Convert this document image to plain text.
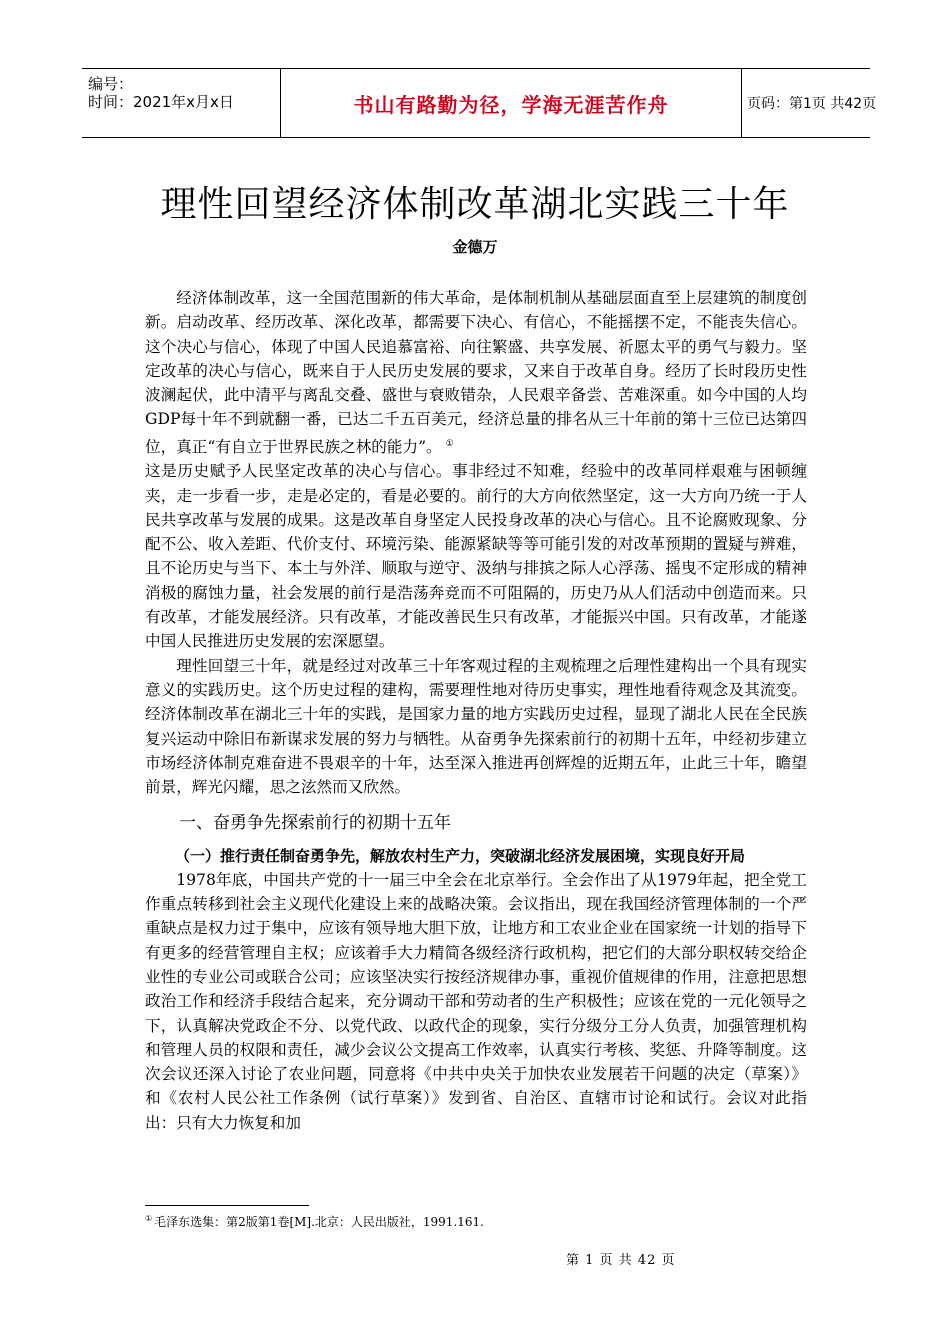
编号：
时间：2021年x月x日	书山有路勤为径，学海无涯苦作舟	页码：第1页 共42页
理性回望经济体制改革湖北实践三十年
金德万

经济体制改革，这一全国范围新的伟大革命，是体制机制从基础层面直至上层建筑的制度创新。启动改革、经历改革、深化改革，都需要下决心、有信心，不能摇摆不定，不能丧失信心。这个决心与信心，体现了中国人民追慕富裕、向往繁盛、共享发展、祈愿太平的勇气与毅力。坚定改革的决心与信心，既来自于人民历史发展的要求，又来自于改革自身。经历了长时段历史性波澜起伏，此中清平与离乱交叠、盛世与衰败错杂，人民艰辛备尝、苦难深重。如今中国的人均GDP每十年不到就翻一番，已达二千五百美元，经济总量的排名从三十年前的第十三位已达第四位，真正“有自立于世界民族之林的能力”。 ①

这是历史赋予人民坚定改革的决心与信心。事非经过不知难，经验中的改革同样艰难与困顿缠夹，走一步看一步，走是必定的，看是必要的。前行的大方向依然坚定，这一大方向乃统一于人民共享改革与发展的成果。这是改革自身坚定人民投身改革的决心与信心。且不论腐败现象、分配不公、收入差距、代价支付、环境污染、能源紧缺等等可能引发的对改革预期的置疑与辨难，且不论历史与当下、本土与外洋、顺取与逆守、汲纳与排摈之际人心浮荡、摇曳不定形成的精神消极的腐蚀力量，社会发展的前行是浩荡奔竞而不可阻隔的，历史乃从人们活动中创造而来。只有改革，才能发展经济。只有改革，才能改善民生只有改革，才能振兴中国。只有改革，才能遂中国人民推进历史发展的宏深愿望。

理性回望三十年，就是经过对改革三十年客观过程的主观梳理之后理性建构出一个具有现实意义的实践历史。这个历史过程的建构，需要理性地对待历史事实，理性地看待观念及其流变。经济体制改革在湖北三十年的实践，是国家力量的地方实践历史过程，显现了湖北人民在全民族复兴运动中除旧布新谋求发展的努力与牺牲。从奋勇争先探索前行的初期十五年，中经初步建立市场经济体制克难奋进不畏艰辛的十年，达至深入推进再创辉煌的近期五年，止此三十年，瞻望前景，辉光闪耀，思之泫然而又欣然。

一、奋勇争先探索前行的初期十五年
（一）推行责任制奋勇争先，解放农村生产力，突破湖北经济发展困境，实现良好开局

1978年底，中国共产党的十一届三中全会在北京举行。全会作出了从1979年起，把全党工作重点转移到社会主义现代化建设上来的战略决策。会议指出，现在我国经济管理体制的一个严重缺点是权力过于集中，应该有领导地大胆下放，让地方和工农业企业在国家统一计划的指导下有更多的经营管理自主权；应该着手大力精简各级经济行政机构，把它们的大部分职权转交给企业性的专业公司或联合公司；应该坚决实行按经济规律办事，重视价值规律的作用，注意把思想政治工作和经济手段结合起来，充分调动干部和劳动者的生产积极性；应该在党的一元化领导之下，认真解决党政企不分、以党代政、以政代企的现象，实行分级分工分人负责，加强管理机构和管理人员的权限和责任，减少会议公文提高工作效率，认真实行考核、奖惩、升降等制度。这次会议还深入讨论了农业问题，同意将《中共中央关于加快农业发展若干问题的决定（草案）》和《农村人民公社工作条例（试行草案）》发到省、自治区、直辖市讨论和试行。会议对此指出：只有大力恢复和加

① 毛泽东选集：第2版第1卷[M].北京：人民出版社，1991.161.
第 1 页 共 42 页
